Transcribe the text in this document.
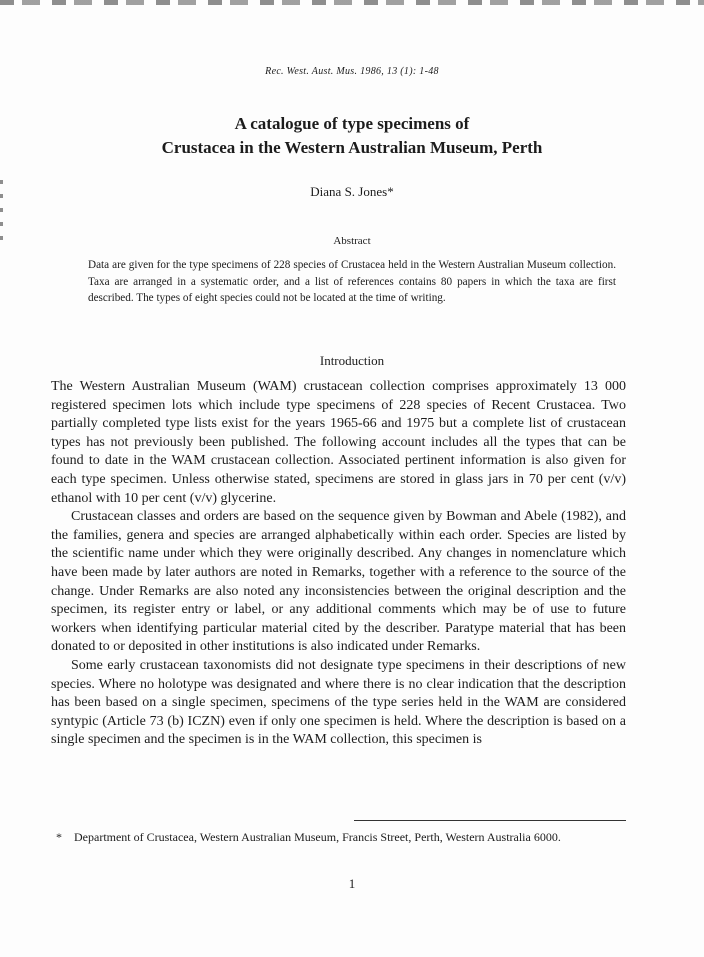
Rec. West. Aust. Mus. 1986, 13 (1): 1-48
A catalogue of type specimens of
Crustacea in the Western Australian Museum, Perth
Diana S. Jones*
Abstract
Data are given for the type specimens of 228 species of Crustacea held in the Western Australian Museum collection. Taxa are arranged in a systematic order, and a list of references contains 80 papers in which the taxa are first described. The types of eight species could not be located at the time of writing.
Introduction

The Western Australian Museum (WAM) crustacean collection comprises approximately 13 000 registered specimen lots which include type specimens of 228 species of Recent Crustacea. Two partially completed type lists exist for the years 1965-66 and 1975 but a complete list of crustacean types has not previously been published. The following account includes all the types that can be found to date in the WAM crustacean collection. Associated pertinent information is also given for each type specimen. Unless otherwise stated, specimens are stored in glass jars in 70 per cent (v/v) ethanol with 10 per cent (v/v) glycerine.

Crustacean classes and orders are based on the sequence given by Bowman and Abele (1982), and the families, genera and species are arranged alphabetically within each order. Species are listed by the scientific name under which they were originally described. Any changes in nomenclature which have been made by later authors are noted in Remarks, together with a reference to the source of the change. Under Remarks are also noted any inconsistencies between the original description and the specimen, its register entry or label, or any additional comments which may be of use to future workers when identifying particular material cited by the describer. Paratype material that has been donated to or deposited in other institutions is also indicated under Remarks.

Some early crustacean taxonomists did not designate type specimens in their descriptions of new species. Where no holotype was designated and where there is no clear indication that the description has been based on a single specimen, specimens of the type series held in the WAM are considered syntypic (Article 73 (b) ICZN) even if only one specimen is held. Where the description is based on a single specimen and the specimen is in the WAM collection, this specimen is

* Department of Crustacea, Western Australian Museum, Francis Street, Perth, Western Australia 6000.
1
